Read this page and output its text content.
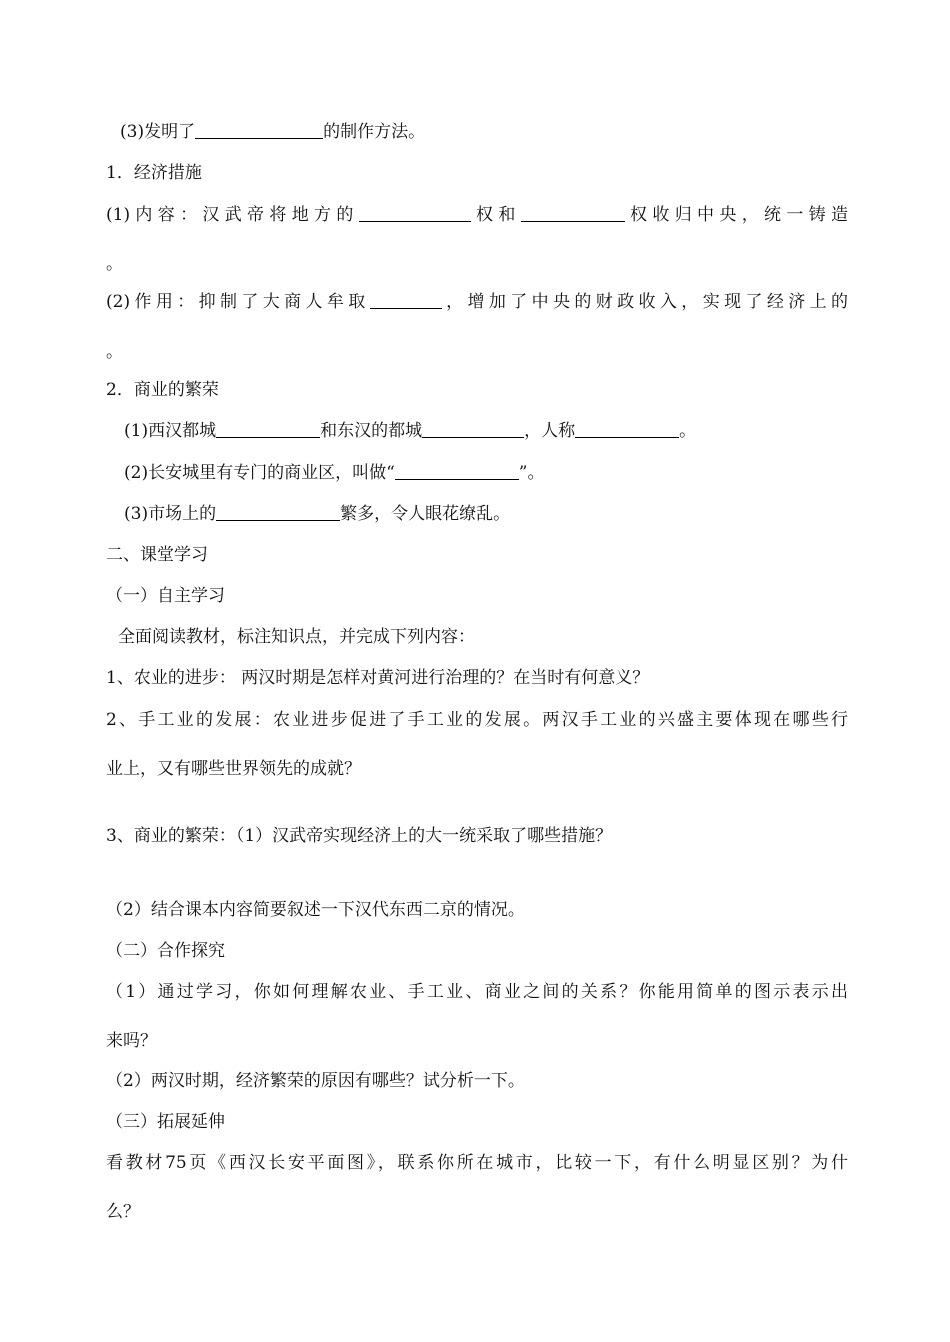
(3)发明了	的制作方法。
1．经济措施
(1)内容：汉武帝将地方的	权和	权收归中央，统一铸造
。
(2)作用：抑制了大商人牟取	，增加了中央的财政收入，实现了经济上的
。
2．商业的繁荣
(1)西汉都城	和东汉的都城	，人称	。
(2)长安城里有专门的商业区，叫做“	”。
(3)市场上的	繁多，令人眼花缭乱。
二、课堂学习
（一）自主学习
全面阅读教材，标注知识点，并完成下列内容：
1、农业的进步： 两汉时期是怎样对黄河进行治理的？在当时有何意义？
2、手工业的发展：农业进步促进了手工业的发展。两汉手工业的兴盛主要体现在哪些行
业上，又有哪些世界领先的成就？
3、商业的繁荣：（1）汉武帝实现经济上的大一统采取了哪些措施？
（2）结合课本内容简要叙述一下汉代东西二京的情况。
（二）合作探究
（1）通过学习，你如何理解农业、手工业、商业之间的关系？你能用简单的图示表示出
来吗？
（2）两汉时期，经济繁荣的原因有哪些？试分析一下。
（三）拓展延伸
看教材75页《西汉长安平面图》，联系你所在城市，比较一下，有什么明显区别？为什
么？
